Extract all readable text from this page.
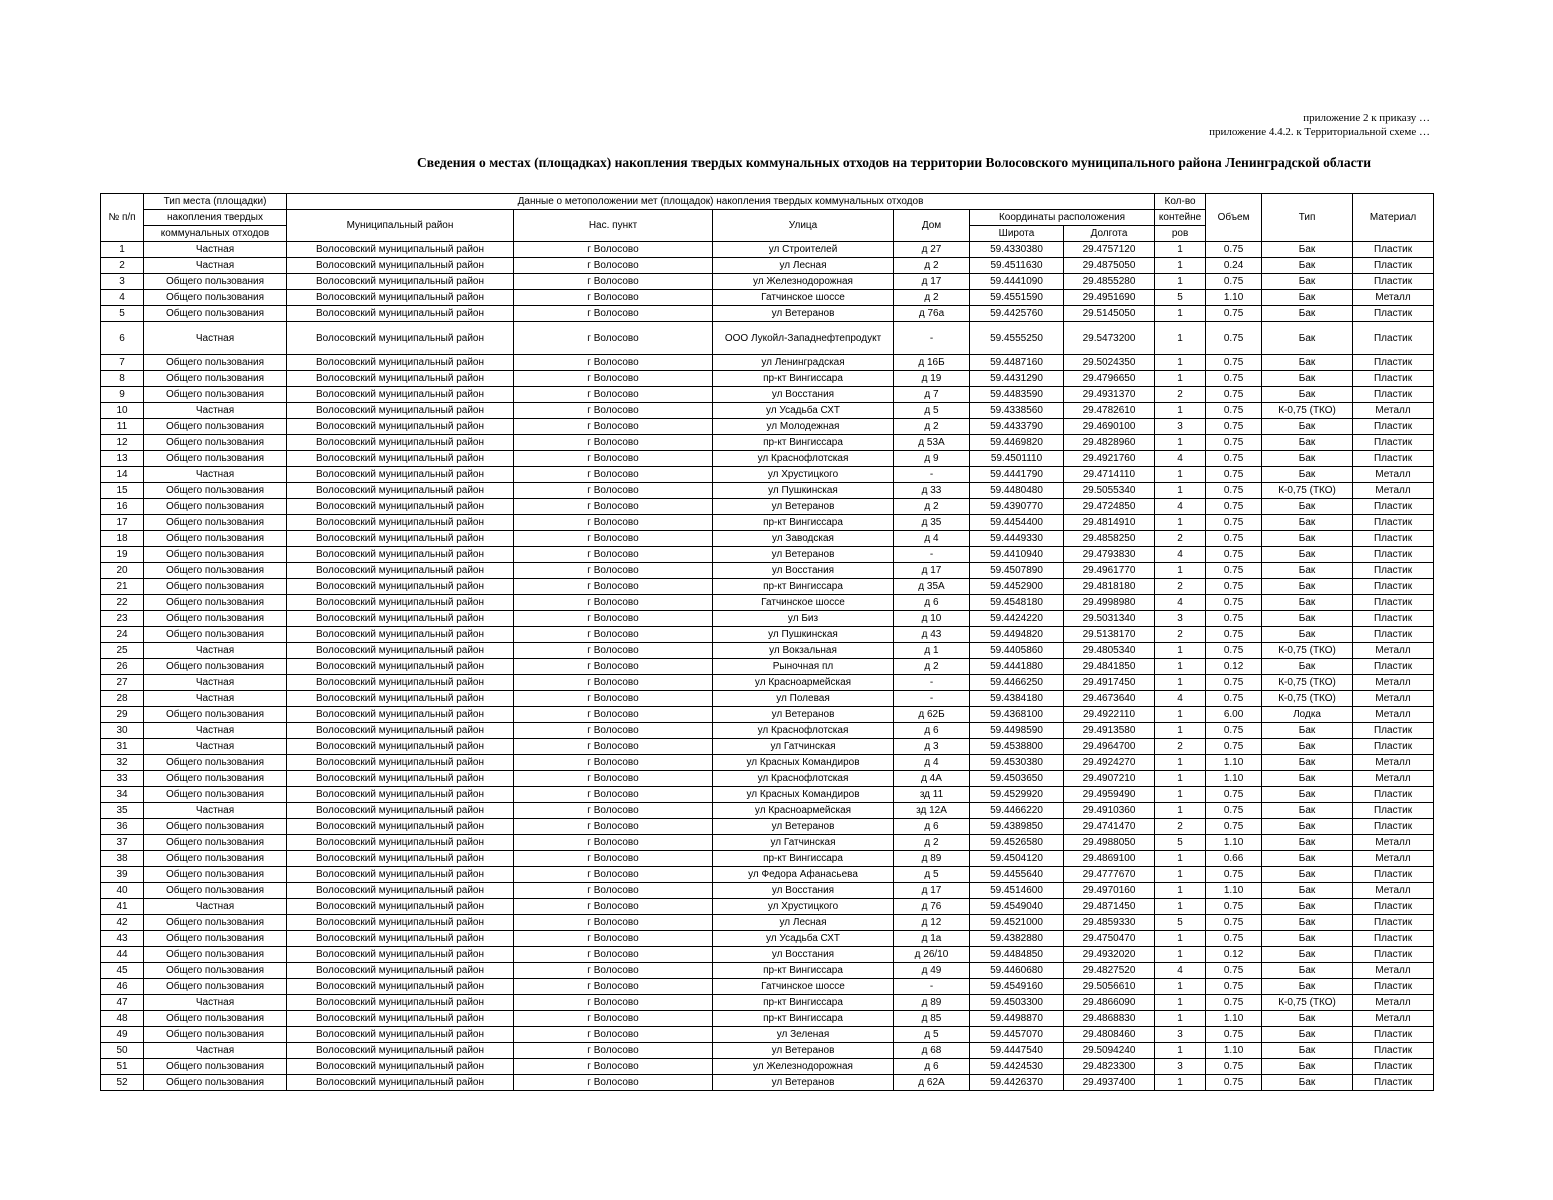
приложение 2 к приказу …
приложение 4.4.2. к Территориальной схеме …
Сведения о местах (площадках) накопления твердых коммунальных отходов на территории Волосовского муниципального района Ленинградской области
№ п/п	Тип места (площадки)	Данные о метоположении мет (площадок) накопления твердых коммунальных отходов						Кол-во	Объем	Тип	Материал
	накопления твердых	Муниципальный район	Нас. пункт	Улица	Дом	Координаты расположения		контейне			
	коммунальных отходов					Широта	Долгота	ров			
1	Частная	Волосовский муниципальный район	г Волосово	ул Строителей	д 27	59.4330380	29.4757120	1	0.75	Бак	Пластик
2	Частная	Волосовский муниципальный район	г Волосово	ул Лесная	д 2	59.4511630	29.4875050	1	0.24	Бак	Пластик
3	Общего пользования	Волосовский муниципальный район	г Волосово	ул Железнодорожная	д 17	59.4441090	29.4855280	1	0.75	Бак	Пластик
4	Общего пользования	Волосовский муниципальный район	г Волосово	Гатчинское шоссе	д 2	59.4551590	29.4951690	5	1.10	Бак	Металл
5	Общего пользования	Волосовский муниципальный район	г Волосово	ул Ветеранов	д 76а	59.4425760	29.5145050	1	0.75	Бак	Пластик
6	Частная	Волосовский муниципальный район	г Волосово	ООО Лукойл-Западнефтепродукт	-	59.4555250	29.5473200	1	0.75	Бак	Пластик
7	Общего пользования	Волосовский муниципальный район	г Волосово	ул Ленинградская	д 16Б	59.4487160	29.5024350	1	0.75	Бак	Пластик
8	Общего пользования	Волосовский муниципальный район	г Волосово	пр-кт Вингиссара	д 19	59.4431290	29.4796650	1	0.75	Бак	Пластик
9	Общего пользования	Волосовский муниципальный район	г Волосово	ул Восстания	д 7	59.4483590	29.4931370	2	0.75	Бак	Пластик
10	Частная	Волосовский муниципальный район	г Волосово	ул Усадьба СХТ	д 5	59.4338560	29.4782610	1	0.75	К-0,75 (ТКО)	Металл
11	Общего пользования	Волосовский муниципальный район	г Волосово	ул Молодежная	д 2	59.4433790	29.4690100	3	0.75	Бак	Пластик
12	Общего пользования	Волосовский муниципальный район	г Волосово	пр-кт Вингиссара	д 53А	59.4469820	29.4828960	1	0.75	Бак	Пластик
13	Общего пользования	Волосовский муниципальный район	г Волосово	ул Краснофлотская	д 9	59.4501110	29.4921760	4	0.75	Бак	Пластик
14	Частная	Волосовский муниципальный район	г Волосово	ул Хрустицкого	-	59.4441790	29.4714110	1	0.75	Бак	Металл
15	Общего пользования	Волосовский муниципальный район	г Волосово	ул Пушкинская	д 33	59.4480480	29.5055340	1	0.75	К-0,75 (ТКО)	Металл
16	Общего пользования	Волосовский муниципальный район	г Волосово	ул Ветеранов	д 2	59.4390770	29.4724850	4	0.75	Бак	Пластик
17	Общего пользования	Волосовский муниципальный район	г Волосово	пр-кт Вингиссара	д 35	59.4454400	29.4814910	1	0.75	Бак	Пластик
18	Общего пользования	Волосовский муниципальный район	г Волосово	ул Заводская	д 4	59.4449330	29.4858250	2	0.75	Бак	Пластик
19	Общего пользования	Волосовский муниципальный район	г Волосово	ул Ветеранов	-	59.4410940	29.4793830	4	0.75	Бак	Пластик
20	Общего пользования	Волосовский муниципальный район	г Волосово	ул Восстания	д 17	59.4507890	29.4961770	1	0.75	Бак	Пластик
21	Общего пользования	Волосовский муниципальный район	г Волосово	пр-кт Вингиссара	д 35А	59.4452900	29.4818180	2	0.75	Бак	Пластик
22	Общего пользования	Волосовский муниципальный район	г Волосово	Гатчинское шоссе	д 6	59.4548180	29.4998980	4	0.75	Бак	Пластик
23	Общего пользования	Волосовский муниципальный район	г Волосово	ул Биз	д 10	59.4424220	29.5031340	3	0.75	Бак	Пластик
24	Общего пользования	Волосовский муниципальный район	г Волосово	ул Пушкинская	д 43	59.4494820	29.5138170	2	0.75	Бак	Пластик
25	Частная	Волосовский муниципальный район	г Волосово	ул Вокзальная	д 1	59.4405860	29.4805340	1	0.75	К-0,75 (ТКО)	Металл
26	Общего пользования	Волосовский муниципальный район	г Волосово	Рыночная пл	д 2	59.4441880	29.4841850	1	0.12	Бак	Пластик
27	Частная	Волосовский муниципальный район	г Волосово	ул Красноармейская	-	59.4466250	29.4917450	1	0.75	К-0,75 (ТКО)	Металл
28	Частная	Волосовский муниципальный район	г Волосово	ул Полевая	-	59.4384180	29.4673640	4	0.75	К-0,75 (ТКО)	Металл
29	Общего пользования	Волосовский муниципальный район	г Волосово	ул Ветеранов	д 62Б	59.4368100	29.4922110	1	6.00	Лодка	Металл
30	Частная	Волосовский муниципальный район	г Волосово	ул Краснофлотская	д 6	59.4498590	29.4913580	1	0.75	Бак	Пластик
31	Частная	Волосовский муниципальный район	г Волосово	ул Гатчинская	д 3	59.4538800	29.4964700	2	0.75	Бак	Пластик
32	Общего пользования	Волосовский муниципальный район	г Волосово	ул Красных Командиров	д 4	59.4530380	29.4924270	1	1.10	Бак	Металл
33	Общего пользования	Волосовский муниципальный район	г Волосово	ул Краснофлотская	д 4А	59.4503650	29.4907210	1	1.10	Бак	Металл
34	Общего пользования	Волосовский муниципальный район	г Волосово	ул Красных Командиров	зд 11	59.4529920	29.4959490	1	0.75	Бак	Пластик
35	Частная	Волосовский муниципальный район	г Волосово	ул Красноармейская	зд 12А	59.4466220	29.4910360	1	0.75	Бак	Пластик
36	Общего пользования	Волосовский муниципальный район	г Волосово	ул Ветеранов	д 6	59.4389850	29.4741470	2	0.75	Бак	Пластик
37	Общего пользования	Волосовский муниципальный район	г Волосово	ул Гатчинская	д 2	59.4526580	29.4988050	5	1.10	Бак	Металл
38	Общего пользования	Волосовский муниципальный район	г Волосово	пр-кт Вингиссара	д 89	59.4504120	29.4869100	1	0.66	Бак	Металл
39	Общего пользования	Волосовский муниципальный район	г Волосово	ул Федора Афанасьева	д 5	59.4455640	29.4777670	1	0.75	Бак	Пластик
40	Общего пользования	Волосовский муниципальный район	г Волосово	ул Восстания	д 17	59.4514600	29.4970160	1	1.10	Бак	Металл
41	Частная	Волосовский муниципальный район	г Волосово	ул Хрустицкого	д 76	59.4549040	29.4871450	1	0.75	Бак	Пластик
42	Общего пользования	Волосовский муниципальный район	г Волосово	ул Лесная	д 12	59.4521000	29.4859330	5	0.75	Бак	Пластик
43	Общего пользования	Волосовский муниципальный район	г Волосово	ул Усадьба СХТ	д 1а	59.4382880	29.4750470	1	0.75	Бак	Пластик
44	Общего пользования	Волосовский муниципальный район	г Волосово	ул Восстания	д 26/10	59.4484850	29.4932020	1	0.12	Бак	Пластик
45	Общего пользования	Волосовский муниципальный район	г Волосово	пр-кт Вингиссара	д 49	59.4460680	29.4827520	4	0.75	Бак	Металл
46	Общего пользования	Волосовский муниципальный район	г Волосово	Гатчинское шоссе	-	59.4549160	29.5056610	1	0.75	Бак	Пластик
47	Частная	Волосовский муниципальный район	г Волосово	пр-кт Вингиссара	д 89	59.4503300	29.4866090	1	0.75	К-0,75 (ТКО)	Металл
48	Общего пользования	Волосовский муниципальный район	г Волосово	пр-кт Вингиссара	д 85	59.4498870	29.4868830	1	1.10	Бак	Металл
49	Общего пользования	Волосовский муниципальный район	г Волосово	ул Зеленая	д 5	59.4457070	29.4808460	3	0.75	Бак	Пластик
50	Частная	Волосовский муниципальный район	г Волосово	ул Ветеранов	д 68	59.4447540	29.5094240	1	1.10	Бак	Пластик
51	Общего пользования	Волосовский муниципальный район	г Волосово	ул Железнодорожная	д 6	59.4424530	29.4823300	3	0.75	Бак	Пластик
52	Общего пользования	Волосовский муниципальный район	г Волосово	ул Ветеранов	д 62А	59.4426370	29.4937400	1	0.75	Бак	Пластик
